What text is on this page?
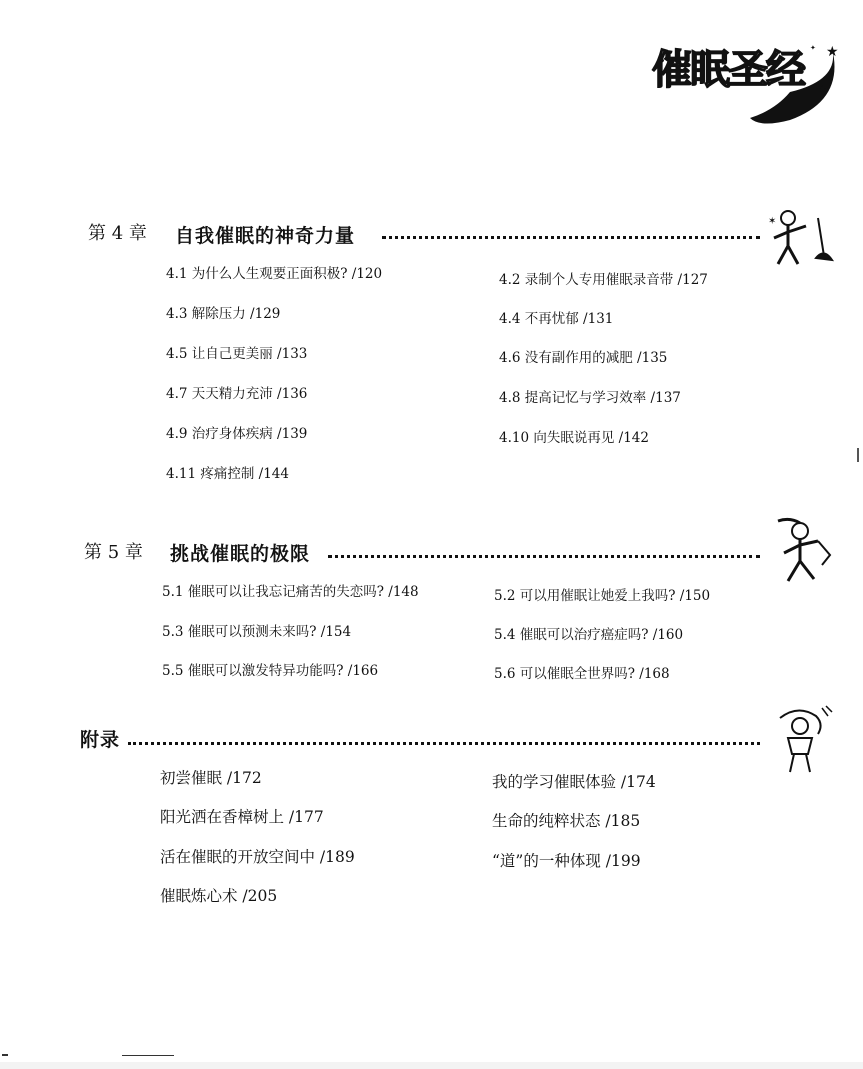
★
★
✦
催眠圣经
第 4 章 自我催眠的神奇力量
✶
4.1 为什么人生观要正面积极? /120	4.2 录制个人专用催眠录音带 /127
4.3 解除压力 /129	4.4 不再忧郁 /131
4.5 让自己更美丽 /133	4.6 没有副作用的减肥 /135
4.7 天天精力充沛 /136	4.8 提高记忆与学习效率 /137
4.9 治疗身体疾病 /139	4.10 向失眠说再见 /142
4.11 疼痛控制 /144
第 5 章 挑战催眠的极限
5.1 催眠可以让我忘记痛苦的失恋吗? /148	5.2 可以用催眠让她爱上我吗? /150
5.3 催眠可以预测未来吗? /154	5.4 催眠可以治疗癌症吗? /160
5.5 催眠可以激发特异功能吗? /166	5.6 可以催眠全世界吗? /168
附录
初尝催眠 /172	我的学习催眠体验 /174
阳光洒在香樟树上 /177	生命的纯粹状态 /185
活在催眠的开放空间中 /189	“道”的一种体现 /199
催眠炼心术 /205
